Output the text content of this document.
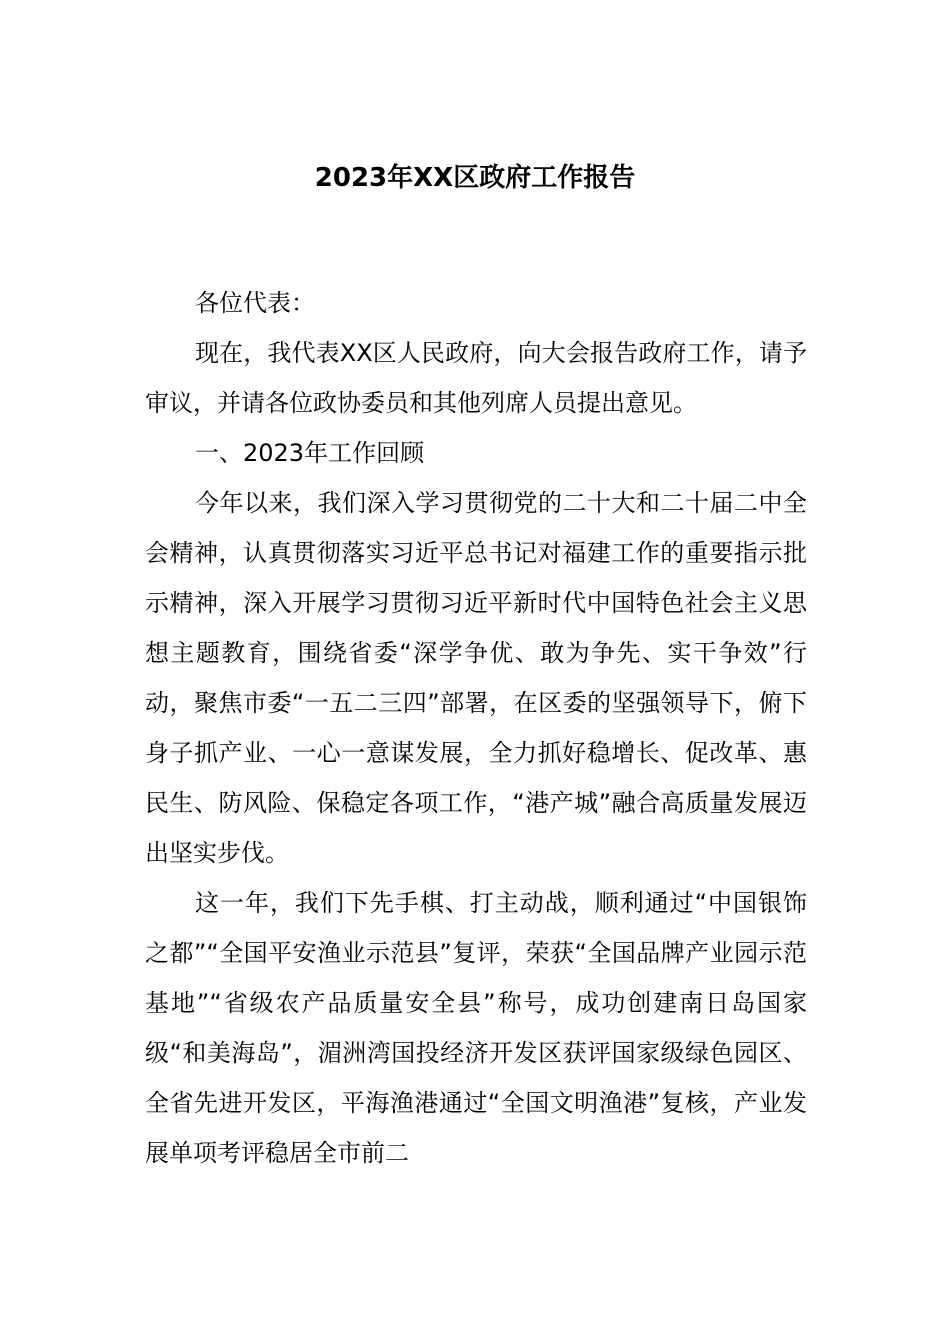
2023年XX区政府工作报告

各位代表：

现在，我代表XX区人民政府，向大会报告政府工作，请予审议，并请各位政协委员和其他列席人员提出意见。

一、2023年工作回顾

今年以来，我们深入学习贯彻党的二十大和二十届二中全会精神，认真贯彻落实习近平总书记对福建工作的重要指示批示精神，深入开展学习贯彻习近平新时代中国特色社会主义思想主题教育，围绕省委“深学争优、敢为争先、实干争效”行动，聚焦市委“一五二三四”部署，在区委的坚强领导下，俯下身子抓产业、一心一意谋发展，全力抓好稳增长、促改革、惠民生、防风险、保稳定各项工作，“港产城”融合高质量发展迈出坚实步伐。

这一年，我们下先手棋、打主动战，顺利通过“中国银饰之都”“全国平安渔业示范县”复评，荣获“全国品牌产业园示范基地”“省级农产品质量安全县”称号，成功创建南日岛国家级“和美海岛”，湄洲湾国投经济开发区获评国家级绿色园区、全省先进开发区，平海渔港通过“全国文明渔港”复核，产业发展单项考评稳居全市前二
